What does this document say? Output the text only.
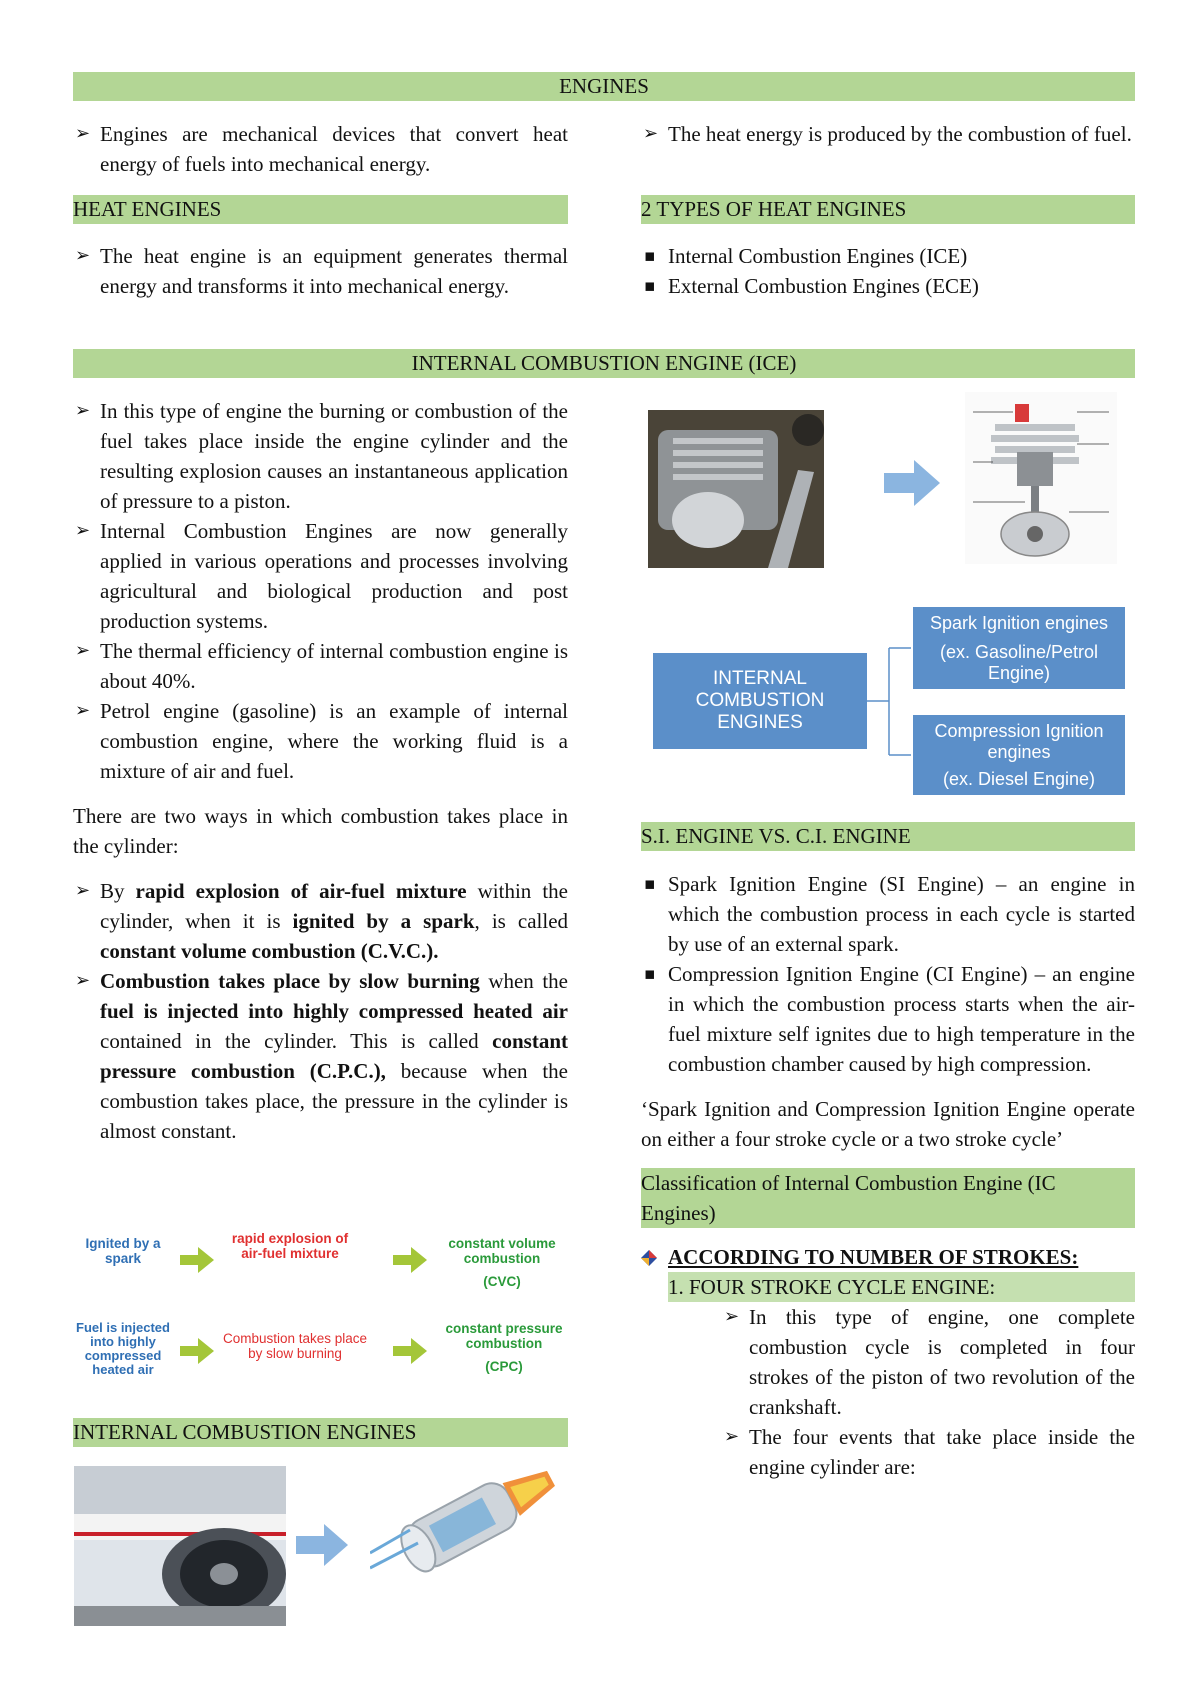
ENGINES

➢ Engines are mechanical devices that convert heat energy of fuels into mechanical energy.

➢ The heat energy is produced by the combustion of fuel.

HEAT ENGINES	2 TYPES OF HEAT ENGINES

➢ The heat engine is an equipment generates thermal energy and transforms it into mechanical energy.

▪ Internal Combustion Engines (ICE)

▪ External Combustion Engines (ECE)

INTERNAL COMBUSTION ENGINE (ICE)

➢ In this type of engine the burning or combustion of the fuel takes place inside the engine cylinder and the resulting explosion causes an instantaneous application of pressure to a piston.

➢ Internal Combustion Engines are now generally applied in various operations and processes involving agricultural and biological production and post production systems.

➢ The thermal efficiency of internal combustion engine is about 40%.

➢ Petrol engine (gasoline) is an example of internal combustion engine, where the working fluid is a mixture of air and fuel.

There are two ways in which combustion takes place in the cylinder:

➢ By rapid explosion of air-fuel mixture within the cylinder, when it is ignited by a spark, is called constant volume combustion (C.V.C.).

➢ Combustion takes place by slow burning when the fuel is injected into highly compressed heated air contained in the cylinder. This is called constant pressure combustion (C.P.C.), because when the combustion takes place, the pressure in the cylinder is almost constant.

Ignited by a spark
rapid explosion of air-fuel mixture
constant volume combustion
(CVC)
Fuel is injected into highly compressed heated air
Combustion takes place by slow burning
constant pressure combustion
(CPC)
INTERNAL COMBUSTION ENGINES
INTERNAL COMBUSTION ENGINES
Spark Ignition engines
(ex. Gasoline/Petrol Engine)
Compression Ignition engines
(ex. Diesel Engine)
S.I. ENGINE VS. C.I. ENGINE

▪ Spark Ignition Engine (SI Engine) – an engine in which the combustion process in each cycle is started by use of an external spark.

▪ Compression Ignition Engine (CI Engine) – an engine in which the combustion process starts when the air-fuel mixture self ignites due to high temperature in the combustion chamber caused by high compression.

‘Spark Ignition and Compression Ignition Engine operate on either a four stroke cycle or a two stroke cycle’

Classification of Internal Combustion Engine (IC Engines)

ACCORDING TO NUMBER OF STROKES:

1. FOUR STROKE CYCLE ENGINE:

➢ In this type of engine, one complete combustion cycle is completed in four strokes of the piston of two revolution of the crankshaft.

➢ The four events that take place inside the engine cylinder are:
